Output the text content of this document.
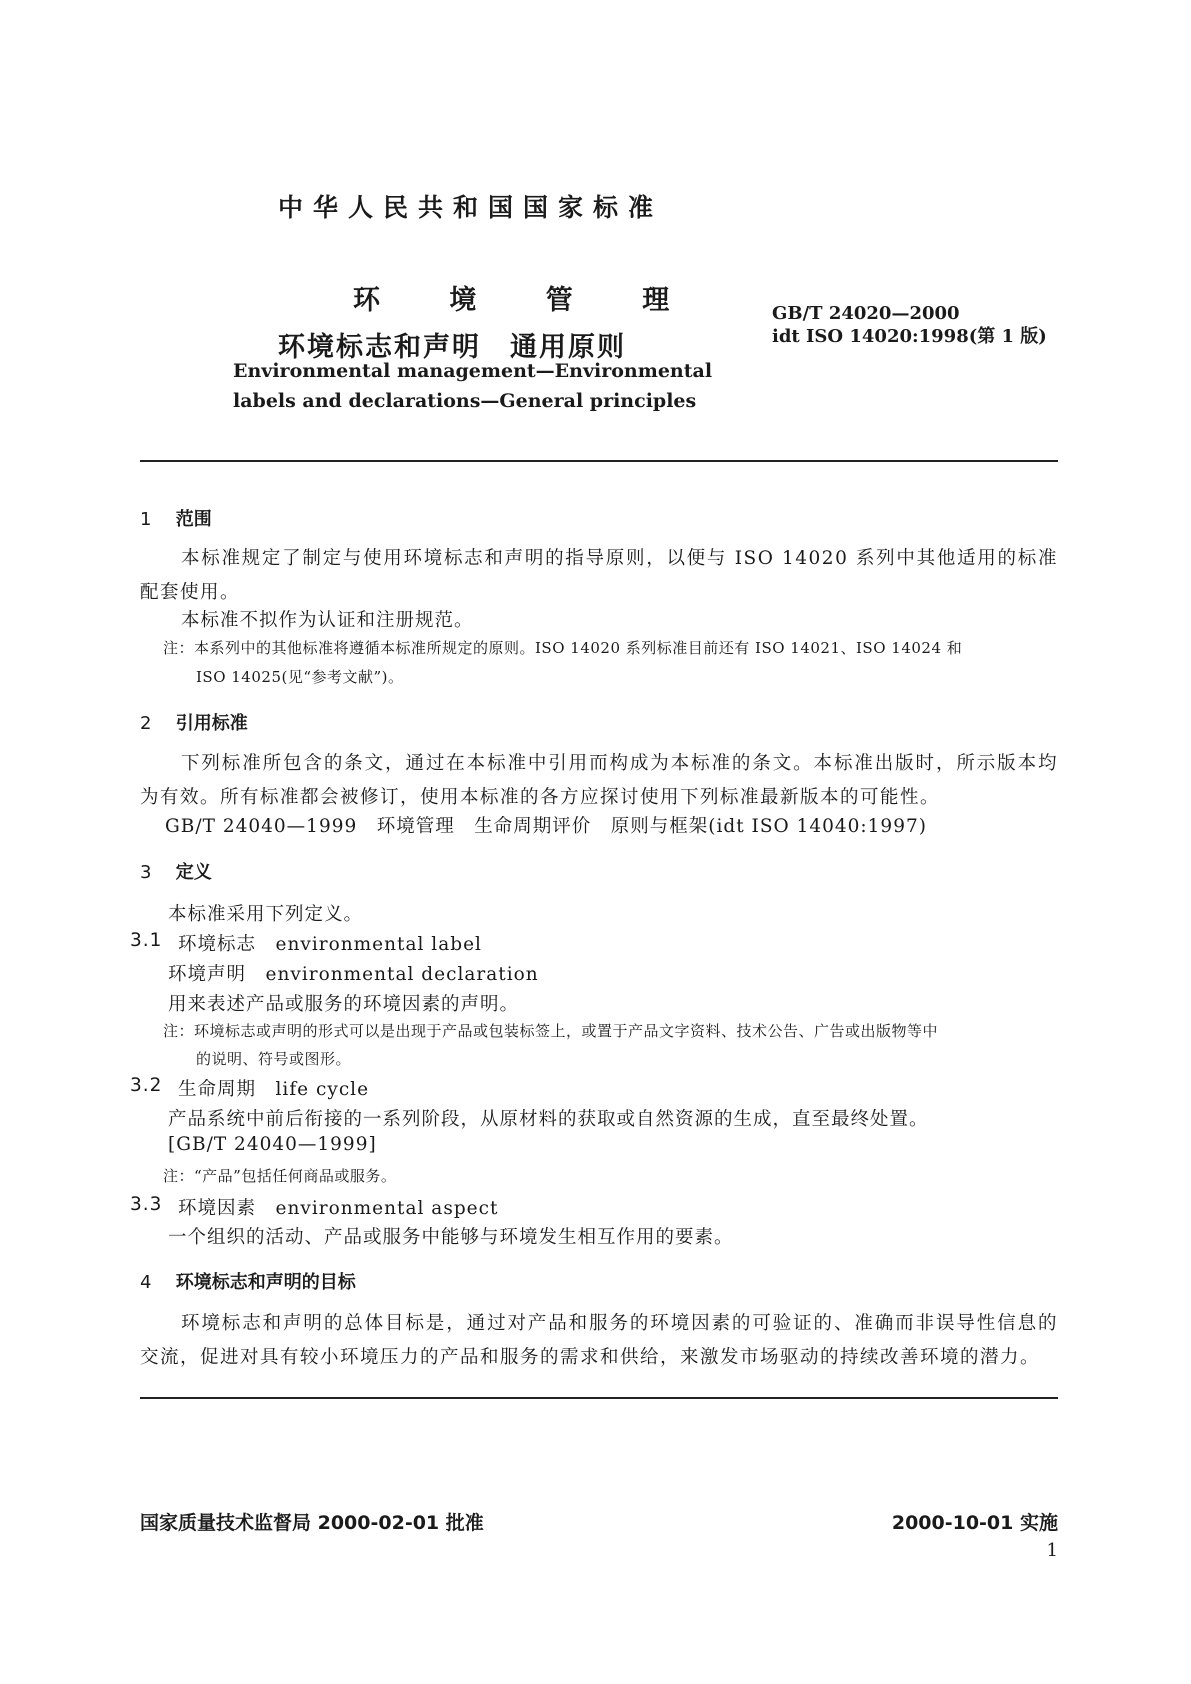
中华人民共和国国家标准
环 境 管 理
环境标志和声明　通用原则
GB/T 24020—2000
idt ISO 14020:1998(第 1 版)
Environmental management—Environmental
labels and declarations—General principles
1 范围
本标准规定了制定与使用环境标志和声明的指导原则，以便与 ISO 14020 系列中其他适用的标准配套使用。
本标准不拟作为认证和注册规范。
注：本系列中的其他标准将遵循本标准所规定的原则。ISO 14020 系列标准目前还有 ISO 14021、ISO 14024 和
ISO 14025(见“参考文献”)。
2 引用标准
下列标准所包含的条文，通过在本标准中引用而构成为本标准的条文。本标准出版时，所示版本均为有效。所有标准都会被修订，使用本标准的各方应探讨使用下列标准最新版本的可能性。
GB/T 24040—1999　环境管理　生命周期评价　原则与框架(idt ISO 14040:1997)
3 定义
本标准采用下列定义。
3.1 环境标志　environmental label
环境声明　environmental declaration
用来表述产品或服务的环境因素的声明。
注：环境标志或声明的形式可以是出现于产品或包装标签上，或置于产品文字资料、技术公告、广告或出版物等中
的说明、符号或图形。
3.2 生命周期　life cycle
产品系统中前后衔接的一系列阶段，从原材料的获取或自然资源的生成，直至最终处置。
[GB/T 24040—1999]
注：“产品”包括任何商品或服务。
3.3 环境因素　environmental aspect
一个组织的活动、产品或服务中能够与环境发生相互作用的要素。
4 环境标志和声明的目标
环境标志和声明的总体目标是，通过对产品和服务的环境因素的可验证的、准确而非误导性信息的交流，促进对具有较小环境压力的产品和服务的需求和供给，来激发市场驱动的持续改善环境的潜力。
国家质量技术监督局 2000-02-01 批准	2000-10-01 实施
1
